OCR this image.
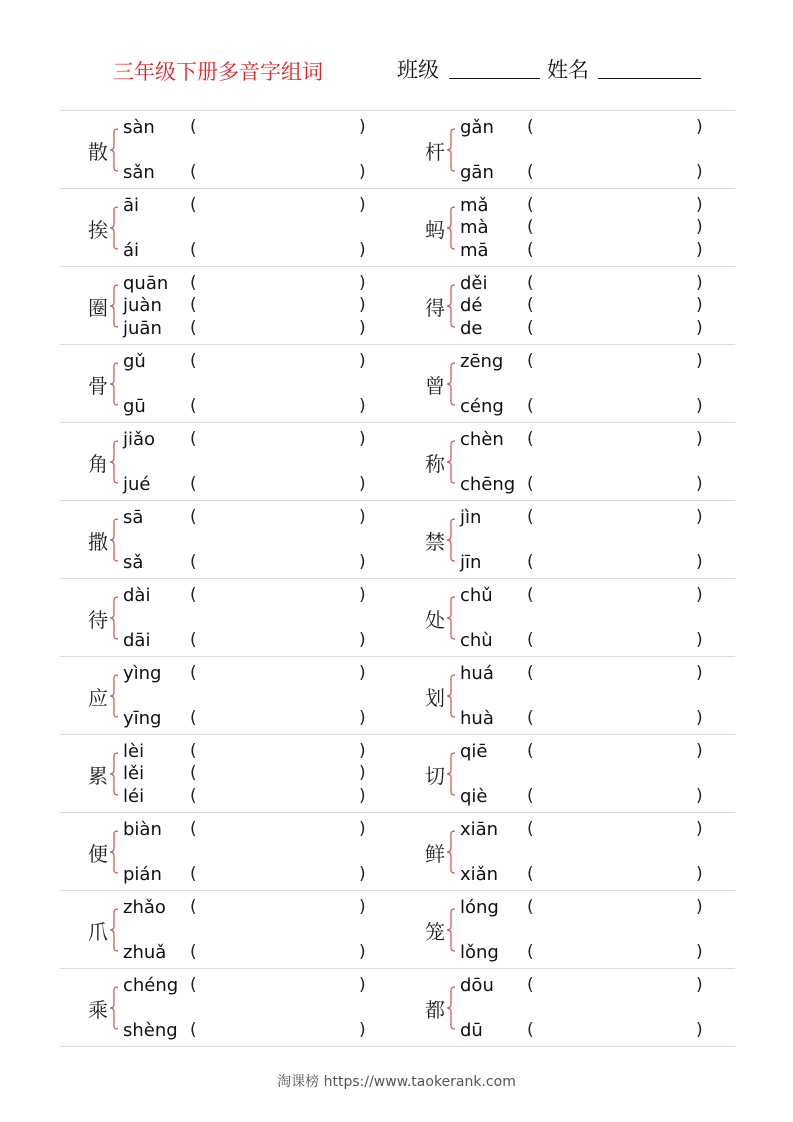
三年级下册多音字组词	班级	姓名
散
sàn (	)
sǎn (	)
杆
gǎn (	)
gān (	)
挨
āi	(	)
ái	(	)
蚂
mǎ (	)
mà (	)
mā (	)
圈
quān (	)
juàn (	)
juān (	)
得
děi (	)
dé	(	)
de	(	)
骨
gǔ	(	)
gū	(	)
曾
zēng (	)
céng (	)
角
jiǎo (	)
jué (	)
称
chèn (	)
chēng (	)
撒
sā	(	)
sǎ	(	)
禁
jìn	(	)
jīn	(	)
待
dài (	)
dāi (	)
处
chǔ (	)
chù (	)
应
yìng (	)
yīng (	)
划
huá (	)
huà (	)
累
lèi	(	)
lěi	(	)
léi	(	)
切
qiē (	)
qiè (	)
便
biàn (	)
pián (	)
鲜
xiān (	)
xiǎn (	)
爪
zhǎo (	)
zhuǎ (	)
笼
lóng (	)
lǒng (	)
乘
chéng (	)
shèng (	)
都
dōu (	)
dū	(	)
淘课榜 https://www.taokerank.com
